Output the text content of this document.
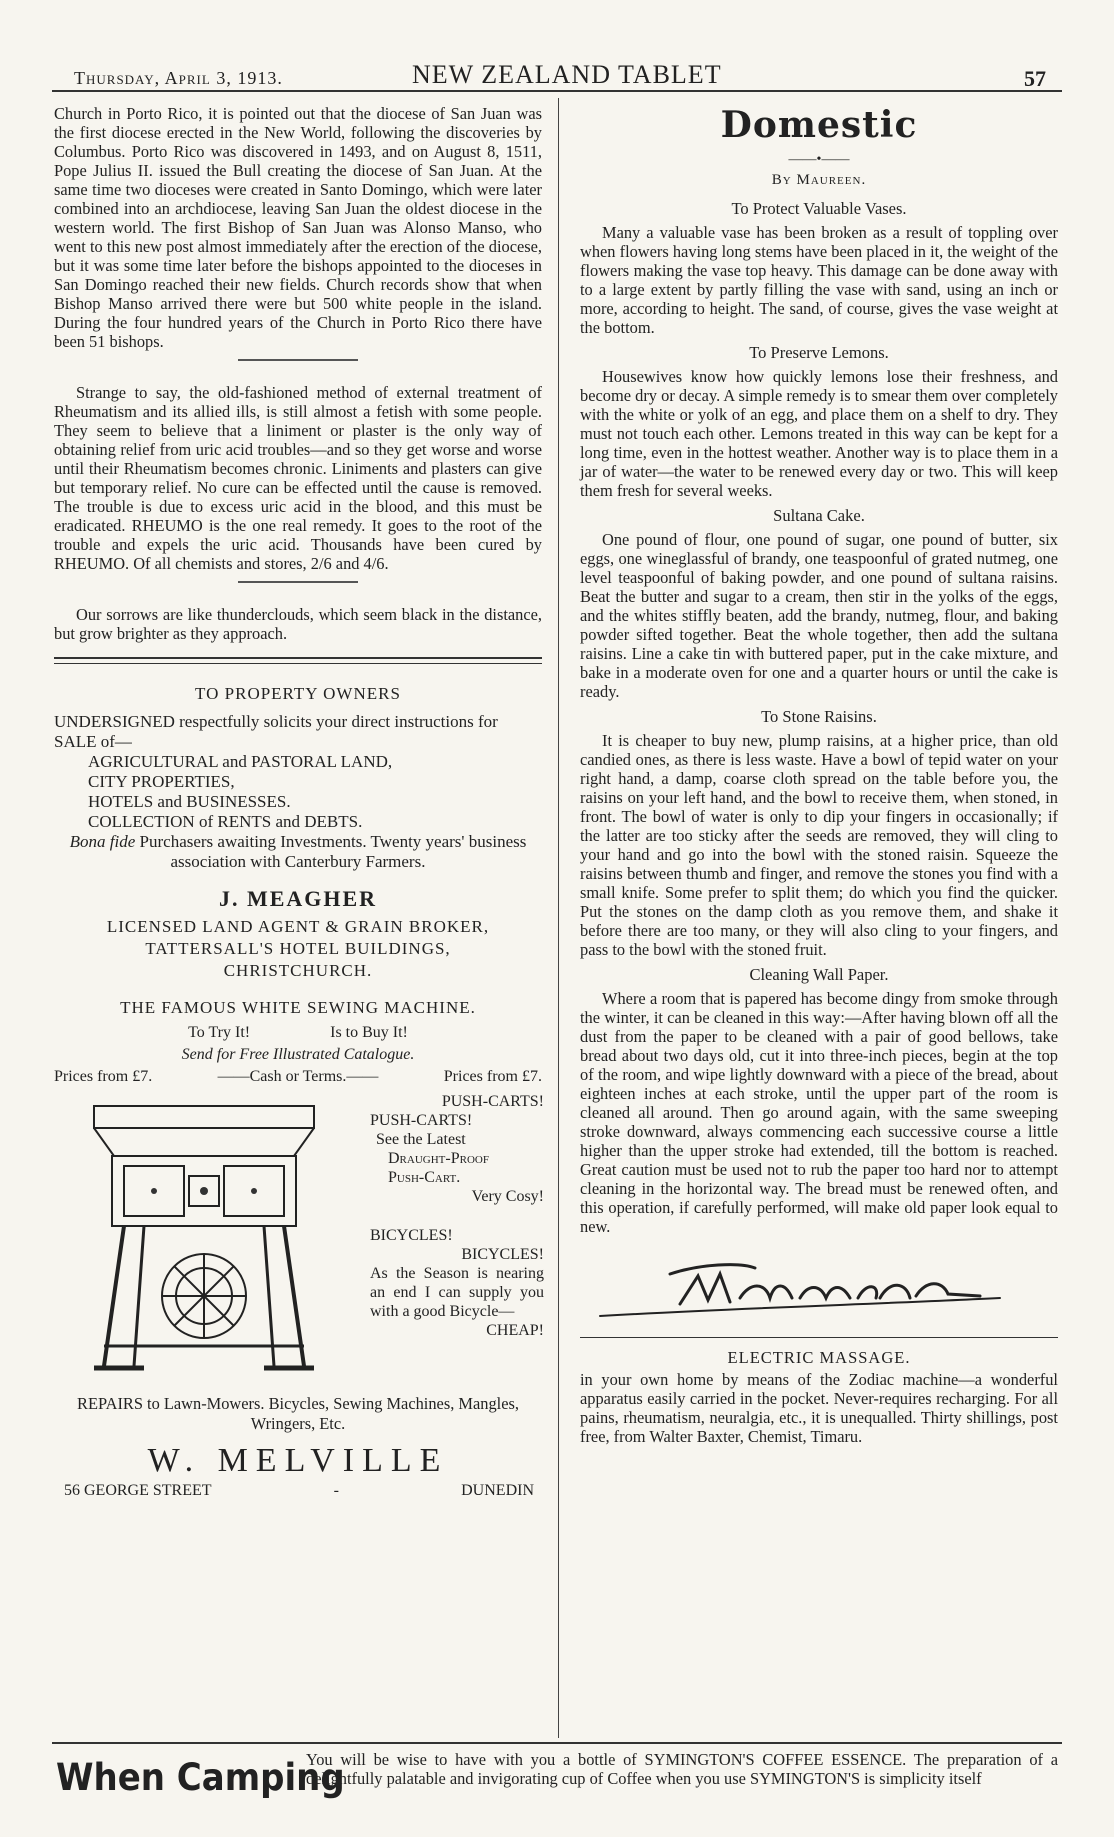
Thursday, April 3, 1913.	NEW ZEALAND TABLET	57

Church in Porto Rico, it is pointed out that the diocese of San Juan was the first diocese erected in the New World, following the discoveries by Columbus. Porto Rico was discovered in 1493, and on August 8, 1511, Pope Julius II. issued the Bull creating the diocese of San Juan. At the same time two dioceses were created in Santo Domingo, which were later combined into an archdiocese, leaving San Juan the oldest diocese in the western world. The first Bishop of San Juan was Alonso Manso, who went to this new post almost immediately after the erection of the diocese, but it was some time later before the bishops appointed to the dioceses in San Domingo reached their new fields. Church records show that when Bishop Manso arrived there were but 500 white people in the island. During the four hundred years of the Church in Porto Rico there have been 51 bishops.

Strange to say, the old-fashioned method of external treatment of Rheumatism and its allied ills, is still almost a fetish with some people. They seem to believe that a liniment or plaster is the only way of obtaining relief from uric acid troubles—and so they get worse and worse until their Rheumatism becomes chronic. Liniments and plasters can give but temporary relief. No cure can be effected until the cause is removed. The trouble is due to excess uric acid in the blood, and this must be eradicated. RHEUMO is the one real remedy. It goes to the root of the trouble and expels the uric acid. Thousands have been cured by RHEUMO. Of all chemists and stores, 2/6 and 4/6.

Our sorrows are like thunderclouds, which seem black in the distance, but grow brighter as they approach.

TO PROPERTY OWNERS

UNDERSIGNED respectfully solicits your direct instructions for SALE of—

AGRICULTURAL and PASTORAL LAND,

CITY PROPERTIES,

HOTELS and BUSINESSES.

COLLECTION of RENTS and DEBTS.

Bona fide Purchasers awaiting Investments. Twenty years' business association with Canterbury Farmers.

J. MEAGHER
LICENSED LAND AGENT & GRAIN BROKER,
TATTERSALL'S HOTEL BUILDINGS,
CHRISTCHURCH.
THE FAMOUS WHITE SEWING MACHINE.
To Try It!	Is to Buy It!
Send for Free Illustrated Catalogue.
Prices from £7.	——Cash or Terms.——	Prices from £7.
PUSH-CARTS!
PUSH-CARTS!
See the Latest
Draught-Proof
Push-Cart.
Very Cosy!
BICYCLES!
BICYCLES!
As the Season is nearing an end I can supply you with a good Bicycle—
CHEAP!
REPAIRS to Lawn-Mowers. Bicycles, Sewing Machines, Mangles, Wringers, Etc.
W. MELVILLE
56 GEORGE STREET	-	DUNEDIN
Domestic
——•——
By Maureen.
To Protect Valuable Vases.

Many a valuable vase has been broken as a result of toppling over when flowers having long stems have been placed in it, the weight of the flowers making the vase top heavy. This damage can be done away with to a large extent by partly filling the vase with sand, using an inch or more, according to height. The sand, of course, gives the vase weight at the bottom.

To Preserve Lemons.

Housewives know how quickly lemons lose their freshness, and become dry or decay. A simple remedy is to smear them over completely with the white or yolk of an egg, and place them on a shelf to dry. They must not touch each other. Lemons treated in this way can be kept for a long time, even in the hottest weather. Another way is to place them in a jar of water—the water to be renewed every day or two. This will keep them fresh for several weeks.

Sultana Cake.

One pound of flour, one pound of sugar, one pound of butter, six eggs, one wineglassful of brandy, one teaspoonful of grated nutmeg, one level teaspoonful of baking powder, and one pound of sultana raisins. Beat the butter and sugar to a cream, then stir in the yolks of the eggs, and the whites stiffly beaten, add the brandy, nutmeg, flour, and baking powder sifted together. Beat the whole together, then add the sultana raisins. Line a cake tin with buttered paper, put in the cake mixture, and bake in a moderate oven for one and a quarter hours or until the cake is ready.

To Stone Raisins.

It is cheaper to buy new, plump raisins, at a higher price, than old candied ones, as there is less waste. Have a bowl of tepid water on your right hand, a damp, coarse cloth spread on the table before you, the raisins on your left hand, and the bowl to receive them, when stoned, in front. The bowl of water is only to dip your fingers in occasionally; if the latter are too sticky after the seeds are removed, they will cling to your hand and go into the bowl with the stoned raisin. Squeeze the raisins between thumb and finger, and remove the stones you find with a small knife. Some prefer to split them; do which you find the quicker. Put the stones on the damp cloth as you remove them, and shake it before there are too many, or they will also cling to your fingers, and pass to the bowl with the stoned fruit.

Cleaning Wall Paper.

Where a room that is papered has become dingy from smoke through the winter, it can be cleaned in this way:—After having blown off all the dust from the paper to be cleaned with a pair of good bellows, take bread about two days old, cut it into three-inch pieces, begin at the top of the room, and wipe lightly downward with a piece of the bread, about eighteen inches at each stroke, until the upper part of the room is cleaned all around. Then go around again, with the same sweeping stroke downward, always commencing each successive course a little higher than the upper stroke had extended, till the bottom is reached. Great caution must be used not to rub the paper too hard nor to attempt cleaning in the horizontal way. The bread must be renewed often, and this operation, if carefully performed, will make old paper look equal to new.

ELECTRIC MASSAGE.

in your own home by means of the Zodiac machine—a wonderful apparatus easily carried in the pocket. Never-requires recharging. For all pains, rheumatism, neuralgia, etc., it is unequalled. Thirty shillings, post free, from Walter Baxter, Chemist, Timaru.

When Camping
You will be wise to have with you a bottle of SYMINGTON'S COFFEE ESSENCE. The preparation of a delightfully palatable and invigorating cup of Coffee when you use SYMINGTON'S is simplicity itself
